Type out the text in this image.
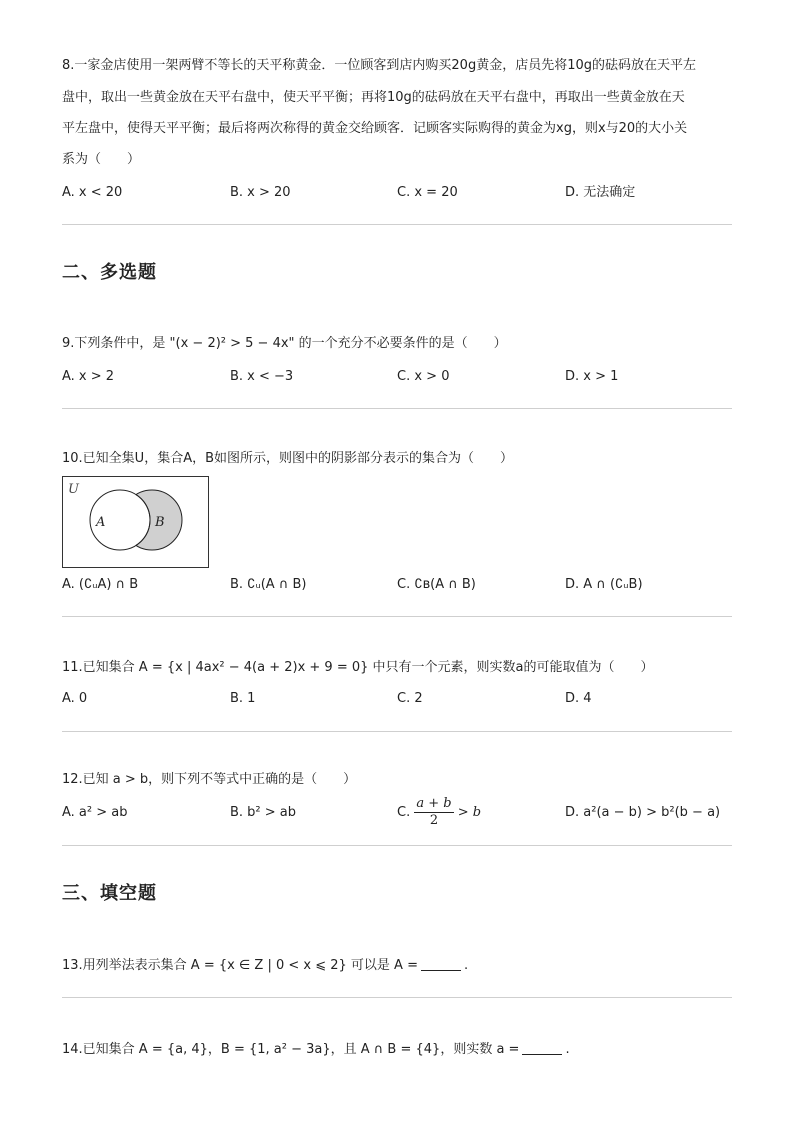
8.一家金店使用一架两臂不等长的天平称黄金．一位顾客到店内购买20g黄金，店员先将10g的砝码放在天平左
盘中，取出一些黄金放在天平右盘中，使天平平衡；再将10g的砝码放在天平右盘中，再取出一些黄金放在天
平左盘中，使得天平平衡；最后将两次称得的黄金交给顾客．记顾客实际购得的黄金为xg，则x与20的大小关
系为（　　）
A. x < 20	B. x > 20	C. x = 20	D. 无法确定
二、多选题
9.下列条件中，是 "(x − 2)² > 5 − 4x" 的一个充分不必要条件的是（　　）
A. x > 2	B. x < −3	C. x > 0	D. x > 1
10.已知全集U，集合A，B如图所示，则图中的阴影部分表示的集合为（　　）
U
A	B
A. (∁ᵤA) ∩ B	B. ∁ᵤ(A ∩ B)	C. ∁ʙ(A ∩ B)	D. A ∩ (∁ᵤB)
11.已知集合 A = {x | 4ax² − 4(a + 2)x + 9 = 0} 中只有一个元素，则实数a的可能取值为（　　）
A. 0	B. 1	C. 2	D. 4
12.已知 a > b，则下列不等式中正确的是（　　）
A. a² > ab	B. b² > ab	C. $\frac{a + b}{2} > b$	D. a²(a − b) > b²(b − a)
三、填空题
13.用列举法表示集合 A = {x ∈ Z | 0 < x ⩽ 2} 可以是 A =	.
14.已知集合 A = {a, 4}，B = {1, a² − 3a}，且 A ∩ B = {4}，则实数 a =	.
